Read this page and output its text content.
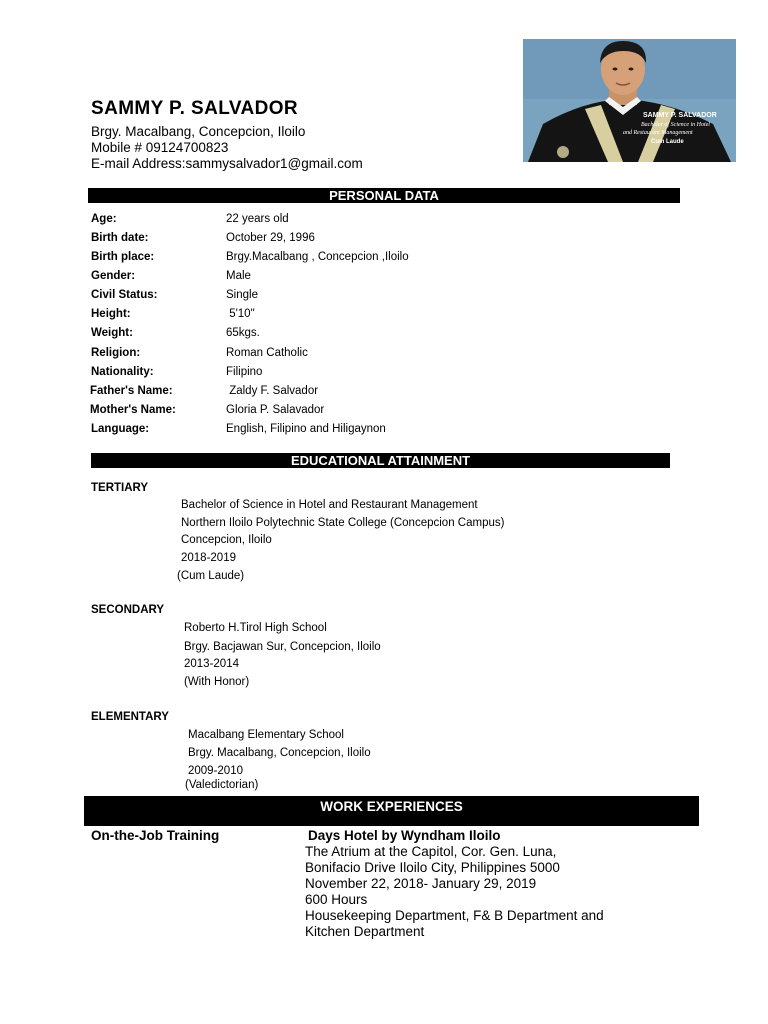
SAMMY P. SALVADOR
Brgy. Macalbang, Concepcion, Iloilo
Mobile # 09124700823
E-mail Address:sammysalvador1@gmail.com
SAMMY P. SALVADOR
Bachelor of Science in Hotel
and Restaurant Management
Cum Laude
PERSONAL DATA
Age:	22 years old
Birth date:	October 29, 1996
Birth place:	Brgy.Macalbang , Concepcion ,Iloilo
Gender:	Male
Civil Status:	Single
Height:	5'10"
Weight:	65kgs.
Religion:	Roman Catholic
Nationality:	Filipino
Father's Name:	Zaldy F. Salvador
Mother's Name:	Gloria P. Salavador
Language:	English, Filipino and Hiligaynon
EDUCATIONAL ATTAINMENT
TERTIARY
Bachelor of Science in Hotel and Restaurant Management
Northern Iloilo Polytechnic State College (Concepcion Campus)
Concepcion, Iloilo
2018-2019
(Cum Laude)
SECONDARY
Roberto H.Tirol High School
Brgy. Bacjawan Sur, Concepcion, Iloilo
2013-2014
(With Honor)
ELEMENTARY
Macalbang Elementary School
Brgy. Macalbang, Concepcion, Iloilo
2009-2010
(Valedictorian)
WORK EXPERIENCES
On-the-Job Training	Days Hotel by Wyndham Iloilo
The Atrium at the Capitol, Cor. Gen. Luna,
Bonifacio Drive Iloilo City, Philippines 5000
November 22, 2018- January 29, 2019
600 Hours
Housekeeping Department, F& B Department and
Kitchen Department
